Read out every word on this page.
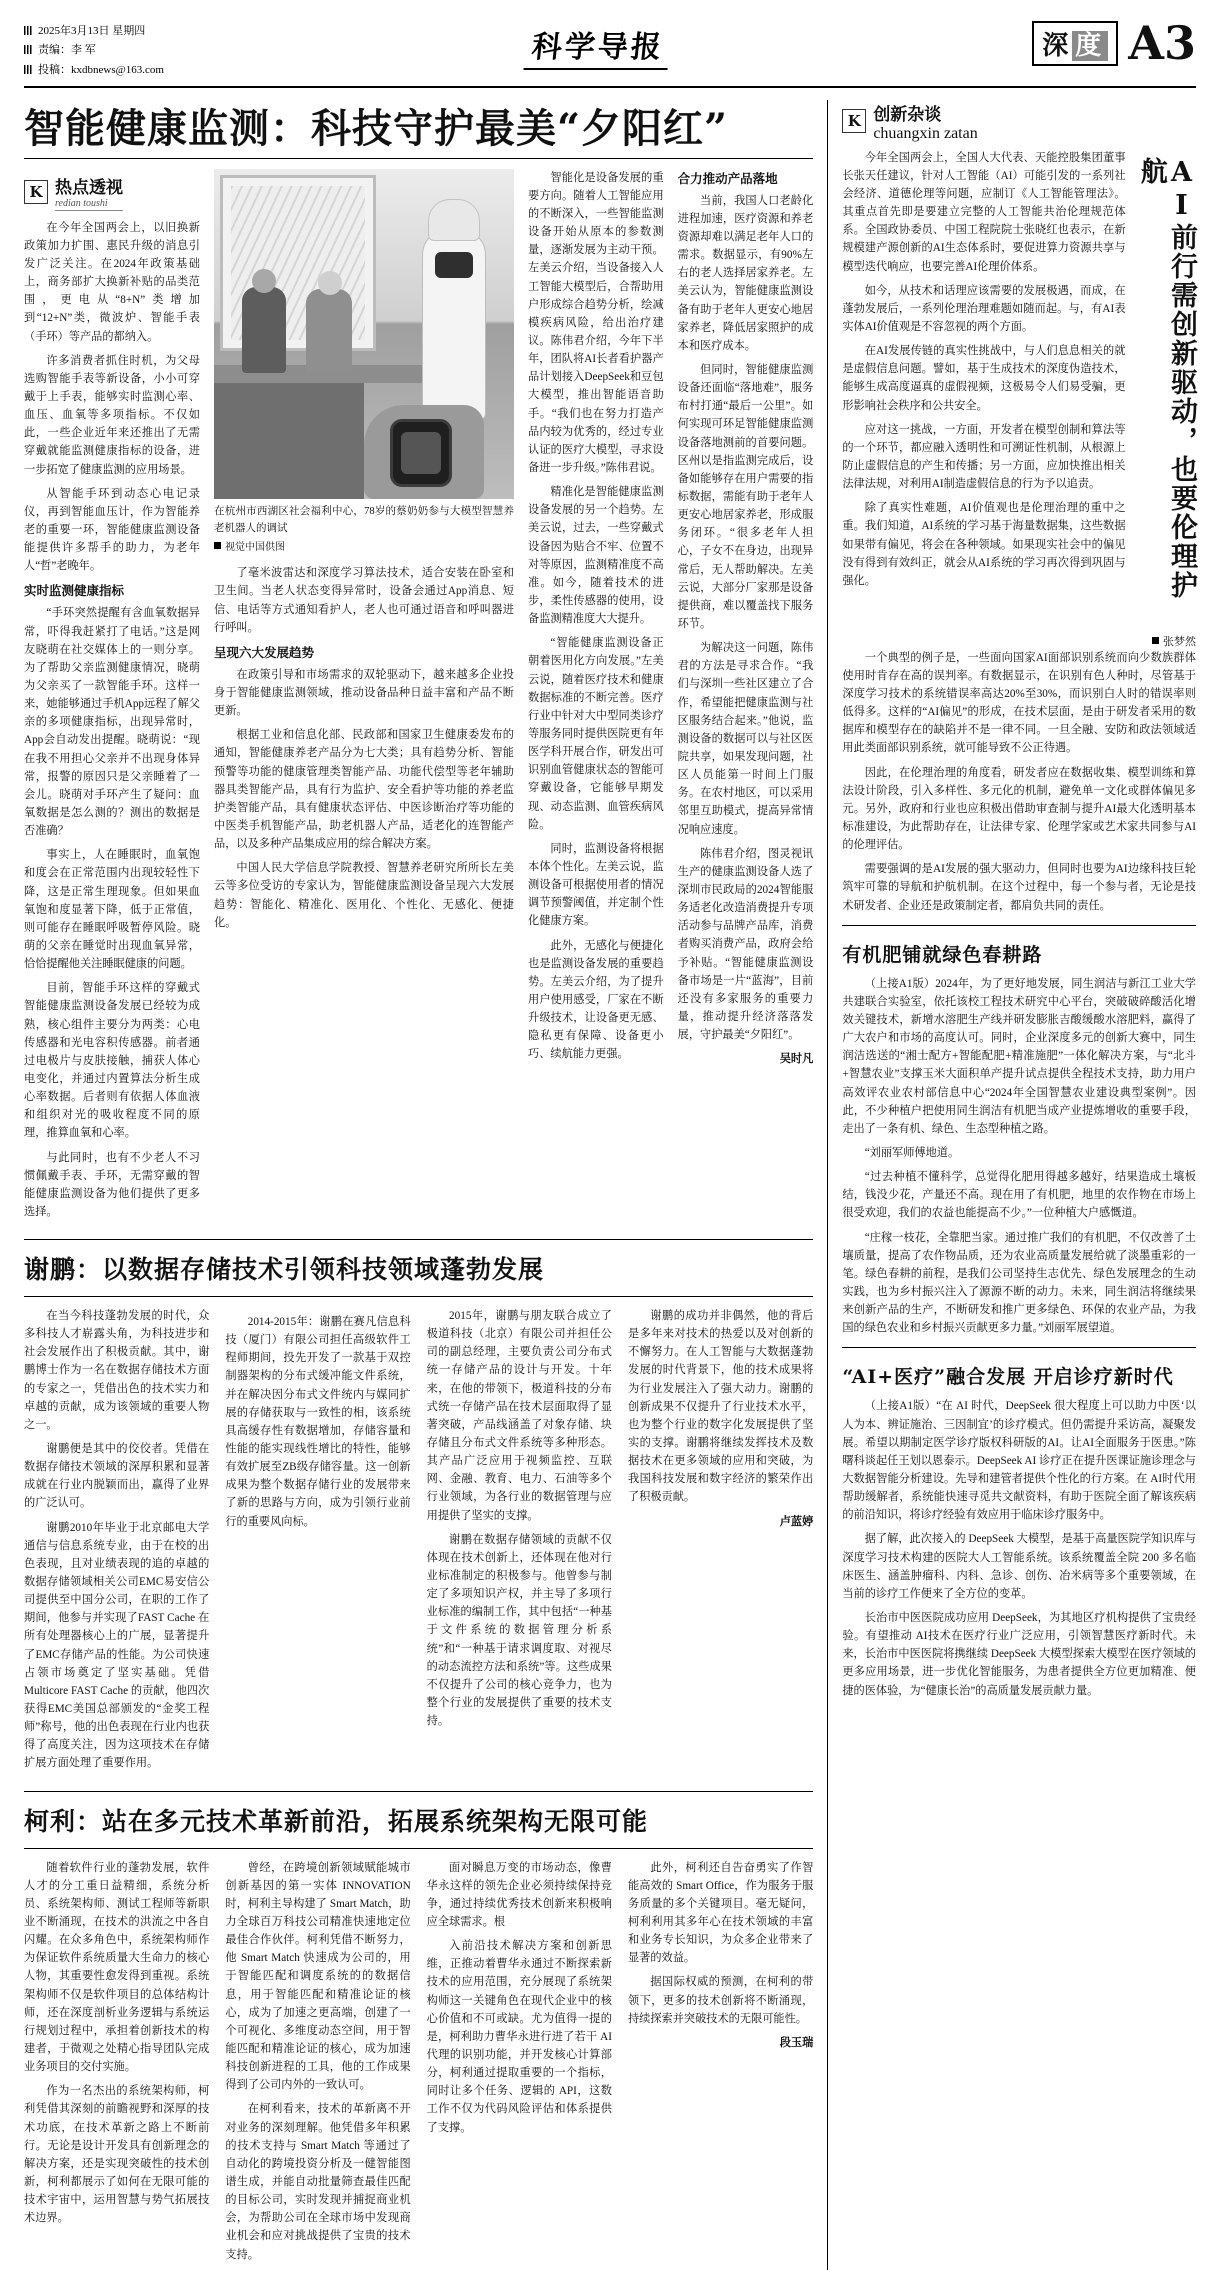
2025年3月13日 星期四
责编：李 军
投稿：kxdbnews@163.com
科学导报	深 度 A3
智能健康监测：科技守护最美“夕阳红”
K 热点透视
redian toushi

在今年全国两会上，以旧换新政策加力扩围、惠民升级的消息引发广泛关注。在2024年政策基础上，商务部扩大换新补贴的品类范围，更电从“8+N”类增加到“12+N”类，微波炉、智能手表（手环）等产品的都纳入。

许多消费者抓住时机，为父母选购智能手表等新设备，小小可穿戴于上手表，能够实时监测心率、血压、血氧等多项指标。不仅如此，一些企业近年来还推出了无需穿戴就能监测健康指标的设备，进一步拓宽了健康监测的应用场景。

从智能手环到动态心电记录仪，再到智能血压计，作为智能养老的重要一环，智能健康监测设备能提供许多帮手的助力，为老年人“哲”老晚年。

实时监测健康指标

“手环突然提醒有含血氧数据异常，吓得我赶紧打了电话。”这是网友晓萌在社交媒体上的一则分享。为了帮助父亲监测健康情况，晓萌为父亲买了一款智能手环。这样一来，她能够通过手机App远程了解父亲的多项健康指标，出现异常时，App会自动发出提醒。晓萌说：“现在我不用担心父亲并不出现身体异常，报警的原因只是父亲睡着了一会儿。晓萌对手环产生了疑问：血氧数据是怎么测的？测出的数据是否准确？

事实上，人在睡眠时，血氧饱和度会在正常范围内出现较轻性下降，这是正常生理现象。但如果血氧饱和度显著下降，低于正常值，则可能存在睡眠呼吸暂停风险。晓萌的父亲在睡觉时出现血氧异常，恰恰提醒他关注睡眠健康的问题。

目前，智能手环这样的穿戴式智能健康监测设备发展已经较为成熟，核心组件主要分为两类：心电传感器和光电容积传感器。前者通过电极片与皮肤接触，捕获人体心电变化，并通过内置算法分析生成心率数据。后者则有依据人体血液和组织对光的吸收程度不同的原理，推算血氧和心率。

与此同时，也有不少老人不习惯佩戴手表、手环，无需穿戴的智能健康监测设备为他们提供了更多选择。

在杭州市西湖区社会福利中心，78岁的蔡奶奶参与大模型智慧养老机器人的调试
视觉中国供图

了毫米波雷达和深度学习算法技术，适合安装在卧室和卫生间。当老人状态变得异常时，设备会通过App消息、短信、电话等方式通知看护人，老人也可通过语音和呼叫器进行呼叫。

呈现六大发展趋势

在政策引导和市场需求的双轮驱动下，越来越多企业投身于智能健康监测领域，推动设备品种日益丰富和产品不断更新。

根据工业和信息化部、民政部和国家卫生健康委发布的通知，智能健康养老产品分为七大类；具有趋势分析、智能预警等功能的健康管理类智能产品、功能代偿型等老年辅助器具类智能产品，具有行为监护、安全看护等功能的养老监护类智能产品，具有健康状态评估、中医诊断治疗等功能的中医类手机智能产品，助老机器人产品，适老化的连智能产品，以及多种产品集成应用的综合解决方案。

中国人民大学信息学院教授、智慧养老研究所所长左美云等多位受访的专家认为，智能健康监测设备呈现六大发展趋势：智能化、精准化、医用化、个性化、无感化、便捷化。

智能化是设备发展的重要方向。随着人工智能应用的不断深入，一些智能监测设备开始从原本的参数测量，逐渐发展为主动干预。左美云介绍，当设备接入人工智能大模型后，合帮助用户形成综合趋势分析，绘减模疾病风险，给出治疗建议。陈伟君介绍，今年下半年，团队将AI长者看护器产品计划接入DeepSeek和豆包大模型，推出智能语音助手。“我们也在努力打造产品内较为优秀的，经过专业认证的医疗大模型，寻求设备进一步升级。”陈伟君说。

精准化是智能健康监测设备发展的另一个趋势。左美云说，过去，一些穿戴式设备因为贴合不牢、位置不对等原因，监测精准度不高准。如今，随着技术的进步，柔性传感器的使用，设备监测精准度大大提升。

“智能健康监测设备正朝着医用化方向发展。”左美云说，随着医疗技术和健康数据标准的不断完善。医疗行业中针对大中型同类诊疗等服务同时提供医院更有年医学科开展合作，研发出可识别血管健康状态的智能可穿戴设备，它能够早期发现、动态监测、血管疾病风险。

同时，监测设备将根据本体个性化。左美云说，监测设备可根据使用者的情况调节预警阈值，并定制个性化健康方案。

此外，无感化与便捷化也是监测设备发展的重要趋势。左美云介绍，为了提升用户使用感受，厂家在不断升级技术，让设备更无感、隐私更有保障、设备更小巧、续航能力更强。

合力推动产品落地

当前，我国人口老龄化进程加速，医疗资源和养老资源却难以满足老年人口的需求。数据显示，有90%左右的老人选择居家养老。左美云认为，智能健康监测设备有助于老年人更安心地居家养老，降低居家照护的成本和医疗成本。

但同时，智能健康监测设备还面临“落地难”，服务布村打通“最后一公里”。如何实现可环足智能健康监测设备落地测前的首要问题。区州以是指监测完成后，设备如能够存在用户需要的指标数据，需能有助于老年人更安心地居家养老，形成服务闭环。“很多老年人担心，子女不在身边，出现异常后，无人帮助解决。左美云说，大部分厂家那是设备提供商，难以覆盖找下服务环节。

为解决这一问题，陈伟君的方法是寻求合作。“我们与深圳一些社区建立了合作，希望能把健康监测与社区服务结合起来。”他说，监测设备的数据可以与社区医院共享，如果发现问题，社区人员能第一时间上门服务。在农村地区，可以采用邻里互助模式，提高异常情况响应速度。

陈伟君介绍，图灵视讯生产的健康监测设备人选了深圳市民政局的2024智能服务适老化改造消费提升专项活动参与品牌产品库，消费者购买消费产品，政府会给予补贴。“智能健康监测设备市场是一片“蓝海”，目前还没有多家服务的重要力量，推动提升经济落落发展，守护最美“夕阳红”。

吴时凡

谢鹏：以数据存储技术引领科技领域蓬勃发展

在当今科技蓬勃发展的时代，众多科技人才崭露头角，为科技进步和社会发展作出了积极贡献。其中，谢鹏博士作为一名在数据存储技术方面的专家之一，凭借出色的技术实力和卓越的贡献，成为该领域的重要人物之一。

谢鹏便是其中的佼佼者。凭借在数据存储技术领域的深厚积累和显著成就在行业内脱颖而出，赢得了业界的广泛认可。

谢鹏2010年毕业于北京邮电大学通信与信息系统专业，由于在校的出色表现，且对业绩表现的追的卓越的数据存储领域相关公司EMC易安信公司提供至中国分公司，在职的工作了期间，他参与并实现了FAST Cache 在所有处理器核心上的广展，显著提升了EMC存储产品的性能。为公司快速占领市场奠定了坚实基础。凭借Multicore FAST Cache 的贡献，他四次获得EMC美国总部颁发的“金奖工程师”称号，他的出色表现在行业内也获得了高度关注，因为这项技术在存储扩展方面处理了重要作用。

2014-2015年：谢鹏在赛凡信息科技（厦门）有限公司担任高级软件工程师期间，投先开发了一款基于双控制器架构的分布式缓冲能文件系统，并在解决因分布式文件统内与媒同扩展的存储获取与一致性的相，该系统具高缓存性有数据增加，存储容量和性能的能实现线性增比的特性，能够有效扩展至ZB级存储容量。这一创新成果为整个数据存储行业的发展带来了新的思路与方向，成为引领行业前行的重要风向标。

2015年，谢鹏与朋友联合成立了极道科技（北京）有限公司并担任公司的副总经理，主要负责公司分布式统一存储产品的设计与开发。十年来，在他的带领下，极道科技的分布式统一存储产品在技术层面取得了显著突破，产品线涵盖了对象存储、块存储且分布式文件系统等多种形态。其产品广泛应用于视频监控、互联网、金融、教育、电力、石油等多个行业领域，为各行业的数据管理与应用提供了坚实的支撑。

谢鹏在数据存储领域的贡献不仅体现在技术创新上，还体现在他对行业标准制定的积极参与。他曾参与制定了多项知识产权，并主导了多项行业标准的编制工作，其中包括“一种基于文件系统的数据管理分析系统”和“一种基于请求调度取、对视尽的动态流控方法和系统”等。这些成果不仅提升了公司的核心竞争力，也为整个行业的发展提供了重要的技术支持。

谢鹏的成功并非偶然，他的背后是多年来对技术的热爱以及对创新的不懈努力。在人工智能与大数据蓬勃发展的时代背景下，他的技术成果将为行业发展注入了强大动力。谢鹏的创新成果不仅提升了行业技术水平，也为整个行业的数字化发展提供了坚实的支撑。谢鹏将继续发挥技术及数据技术在更多领域的应用和突破，为我国科技发展和数字经济的繁荣作出了积极贡献。

卢蓝婷

柯利：站在多元技术革新前沿，拓展系统架构无限可能

随着软件行业的蓬勃发展，软件人才的分工重日益精细，系统分析员、系统架构师、测试工程师等新职业不断涌现，在技术的洪流之中各自闪耀。在众多角色中，系统架构师作为保证软件系统质量大生命力的核心人物，其重要性愈发得到重视。系统架构师不仅是软件项目的总体结构计师，还在深度剖析业务逻辑与系统运行规划过程中，承担着创新技术的构建者，于微观之处精心指导团队完成业务项目的交付实施。

作为一名杰出的系统架构师，柯利凭借其深刻的前瞻视野和深厚的技术功底，在技术革新之路上不断前行。无论是设计开发具有创新理念的解决方案，还是实现突破性的技术创新，柯利都展示了如何在无限可能的技术宇宙中，运用智慧与势气拓展技术边界。

曾经，在跨境创新领域赋能城市创新基因的第一实体 INNOVATION 时，柯利主导构建了 Smart Match，助力全球百万科技公司精准快速地定位最佳合作伙伴。柯利凭借不断努力，他 Smart Match 快速成为公司的，用于智能匹配和调度系统的的数据信息，用于智能匹配和精准论证的核心，成为了加速之更高端，创建了一个可视化、多维度动态空间，用于智能匹配和精准论证的核心，成为加速科技创新进程的工具，他的工作成果得到了公司内外的一致认可。

在柯利看来，技术的革新离不开对业务的深刻理解。他凭借多年积累的技术支持与 Smart Match 等通过了自动化的跨境投资分析及一健智能图谱生成，并能自动批量筛查最佳匹配的目标公司，实时发现并捕捉商业机会，为帮助公司在全球市场中发现商业机会和应对挑战提供了宝贵的技术支持。

面对瞬息万变的市场动态，像曹华永这样的领先企业必须持续保持竞争，通过持续优秀技术创新来积极响应全球需求。根

入前沿技术解决方案和创新思维，正推动着曹华永通过不断探索新技术的应用范围，充分展现了系统架构师这一关键角色在现代企业中的核心价值和不可或缺。尤为值得一提的是，柯利助力曹华永进行进了若干 AI 代理的识别功能，并开发核心计算部分，柯利通过提取重要的一个指标，同时让多个任务、逻辑的 API，这数工作不仅为代码风险评估和体系提供了支撑。

此外，柯利还自告奋勇实了作智能高效的 Smart Office，作为服务于服务质量的多个关键项目。毫无疑问，柯利利用其多年心在技术领域的丰富和业务专长知识，为众多企业带来了显著的效益。

据国际权威的预测，在柯利的带领下，更多的技术创新将不断涌现，持续探索并突破技术的无限可能性。

段玉瑞

K 创新杂谈
chuangxin zatan

今年全国两会上，全国人大代表、天能控股集团董事长张天任建议，针对人工智能（AI）可能引发的一系列社会经济、道德伦理等问题，应制订《人工智能管理法》。其重点首先即是要建立完整的人工智能共治伦理规范体系。全国政协委员、中国工程院院士张晓红也表示，在新规模建产源创新的AI生态体系时，要促进算力资源共享与模型迭代响应，也要完善AI伦理价体系。

如今，从技术和话理应该需要的发展极遇，而成，在蓬勃发展后，一系列伦理治理难题如随而起。与，有AI表实体AI价值观是不容忽视的两个方面。

在AI发展传链的真实性挑战中，与人们息息相关的就是虚假信息问题。譬如，基于生成技术的深度伪造技术，能够生成高度逼真的虚假视频，这极易令人们易受骗，更形影响社会秩序和公共安全。

应对这一挑战，一方面，开发者在模型创制和算法等的一个环节，都应融入透明性和可溯证性机制，从根源上防止虚假信息的产生和传播；另一方面，应加快推出相关法律法规，对利用AI制造虚假信息的行为予以追责。

除了真实性难题，AI价值观也是伦理治理的重中之重。我们知道，AI系统的学习基于海量数据集，这些数据如果带有偏见，将会在各种领域。如果现实社会中的偏见没有得到有效纠正，就会从AI系统的学习再次得到巩固与强化。	AI前行需创新驱动，也要伦理护航
张梦然

一个典型的例子是，一些面向国家AI面部识别系统而向少数族群体使用时肯存在高的误判率。有数据显示，在识别有色人种时，尽管基于深度学习技术的系统错误率高达20%至30%，而识别白人时的错误率则低得多。这样的“AI偏见”的形成，在技术层面，是由于研发者采用的数据库和模型存在的缺陷并不是一律不同。一旦全融、安防和政法领域适用此类面部识别系统，就可能导致不公正待遇。

因此，在伦理治理的角度看，研发者应在数据收集、模型训练和算法设计阶段，引入多样性、多元化的机制，避免单一文化或群体偏见多元。另外，政府和行业也应积极出借助审查制与提升AI最大化透明基本标准建设，为此帮助存在，让法律专家、伦理学家或艺术家共同参与AI的伦理评估。

需要强调的是AI发展的强大驱动力，但同时也要为AI边缘科技巨轮筑牢可靠的导航和护航机制。在这个过程中，每一个参与者，无论是技术研发者、企业还是政策制定者，都肩负共同的责任。

有机肥铺就绿色春耕路

（上接A1版）2024年，为了更好地发展，同生润洁与新江工业大学共建联合实验室，依托该校工程技术研究中心平台，突破破碎酸活化增效关键技术，新增水溶肥生产线并研发膨胀吉酸缓酸水溶肥料，赢得了广大农户和市场的高度认可。同时，企业深度多元的创新大赛中，同生润洁选送的“湘士配方+智能配肥+精准施肥”一体化解决方案，与“北斗+智慧农业”支撑玉米大面积单产提升试点提供全程技术支持，助力用户高效评农业农村部信息中心“2024年全国智慧农业建设典型案例”。因此，不少种植户把使用同生润洁有机肥当成产业提炼增收的重要手段，走出了一条有机、绿色、生态型种植之路。

“刘丽军师傅地道。

“过去种植不懂科学，总觉得化肥用得越多越好，结果造成土壤板结，钱没少花，产量还不高。现在用了有机肥，地里的农作物在市场上很受欢迎，我们的农益也能提高不少。”一位种植大户感慨道。

“庄稼一枝花，全靠肥当家。通过推广我们的有机肥，不仅改善了土壤质量，提高了农作物品质，还为农业高质量发展给就了淡墨重彩的一笔。绿色春耕的前程，是我们公司坚持生志优先、绿色发展理念的生动实践，也为乡村振兴注入了源源不断的动力。未来，同生润洁将继续果来创新产品的生产，不断研发和推广更多绿色、环保的农业产品，为我国的绿色农业和乡村振兴贡献更多力量。”刘丽军展望道。

“AI+医疗”融合发展 开启诊疗新时代

（上接A1版）“在 AI 时代，DeepSeek 很大程度上可以助力中医‘以人为本、辨证施治、三因制宜’的诊疗模式。但仍需提升采访高，凝聚发展。希望以期制定医学诊疗版权科研版的AI。让AI全面服务于医患。”陈曙科谈起任王划以恩泰示。DeepSeek AI 诊疗正在提升医课证施诊理念与大数据智能分析建设。先导和建管者提供个性化的行方案。在 AI时代用帮助缓解者，系统能快速寻觅共文献资料，有助于医院全面了解该疾病的前沿知识，将诊疗经验有效应用于临床诊疗服务中。

据了解，此次接入的 DeepSeek 大模型，是基于高量医院学知识库与深度学习技术构建的医院大人工智能系统。该系统覆盖全院 200 多名临床医生、涵盖肿瘤科、内科、急诊、创伤、冶米病等多个重要领域，在当前的诊疗工作便来了全方位的变革。

长治市中医医院成功应用 DeepSeek，为其地区疗机构提供了宝贵经验。有望推动 AI技术在医疗行业广泛应用，引领智慧医疗新时代。未来，长治市中医医院将携继续 DeepSeek 大模型探索大模型在医疗领域的更多应用场景，进一步优化智能服务，为患者提供全方位更加精准、便捷的医体验，为“健康长治”的高质量发展贡献力量。
